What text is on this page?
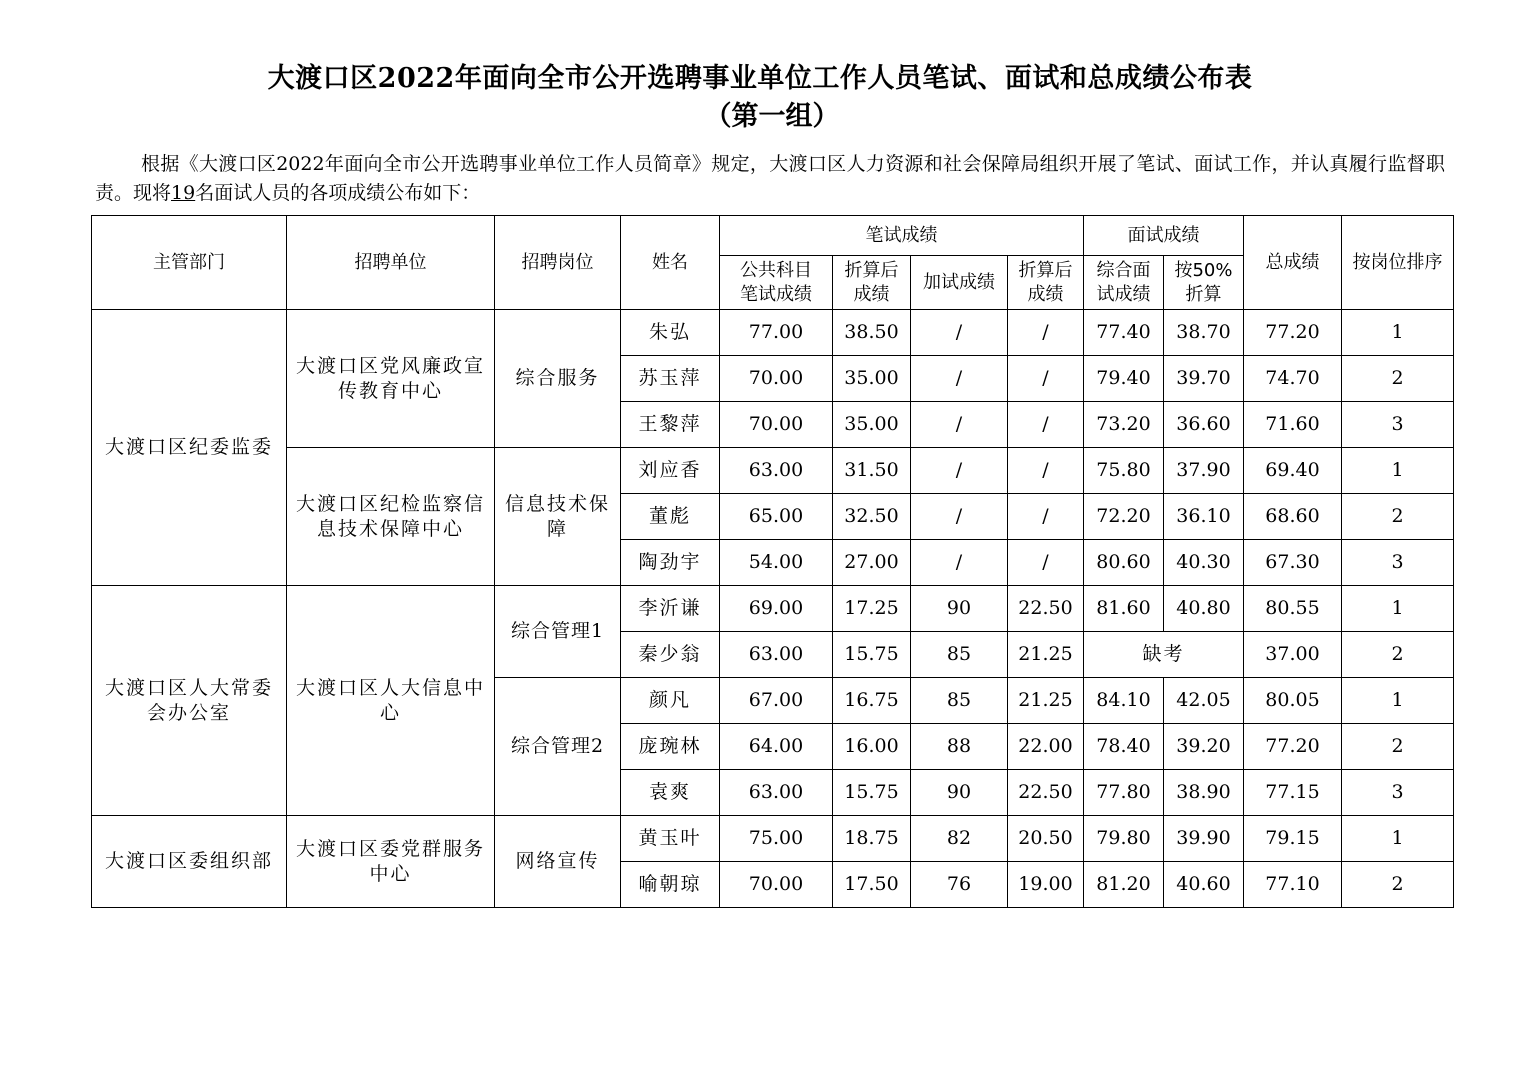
大渡口区2022年面向全市公开选聘事业单位工作人员笔试、面试和总成绩公布表
（第一组）
根据《大渡口区2022年面向全市公开选聘事业单位工作人员简章》规定，大渡口区人力资源和社会保障局组织开展了笔试、面试工作，并认真履行监督职责。现将19名面试人员的各项成绩公布如下：
主管部门	招聘单位	招聘岗位	姓名	笔试成绩				面试成绩		总成绩	按岗位排序
				公共科目笔试成绩	折算后成绩	加试成绩	折算后成绩	综合面试成绩	按50%折算		
大渡口区纪委监委	大渡口区党风廉政宣传教育中心	综合服务	朱弘	77.00	38.50	/	/	77.40	38.70	77.20	1
			苏玉萍	70.00	35.00	/	/	79.40	39.70	74.70	2
			王黎萍	70.00	35.00	/	/	73.20	36.60	71.60	3
	大渡口区纪检监察信息技术保障中心	信息技术保障	刘应香	63.00	31.50	/	/	75.80	37.90	69.40	1
			董彪	65.00	32.50	/	/	72.20	36.10	68.60	2
			陶劲宇	54.00	27.00	/	/	80.60	40.30	67.30	3
大渡口区人大常委会办公室	大渡口区人大信息中心	综合管理1	李沂谦	69.00	17.25	90	22.50	81.60	40.80	80.55	1
			秦少翁	63.00	15.75	85	21.25	缺考		37.00	2
		综合管理2	颜凡	67.00	16.75	85	21.25	84.10	42.05	80.05	1
			庞琬林	64.00	16.00	88	22.00	78.40	39.20	77.20	2
			袁爽	63.00	15.75	90	22.50	77.80	38.90	77.15	3
大渡口区委组织部	大渡口区委党群服务中心	网络宣传	黄玉叶	75.00	18.75	82	20.50	79.80	39.90	79.15	1
			喻朝琼	70.00	17.50	76	19.00	81.20	40.60	77.10	2
